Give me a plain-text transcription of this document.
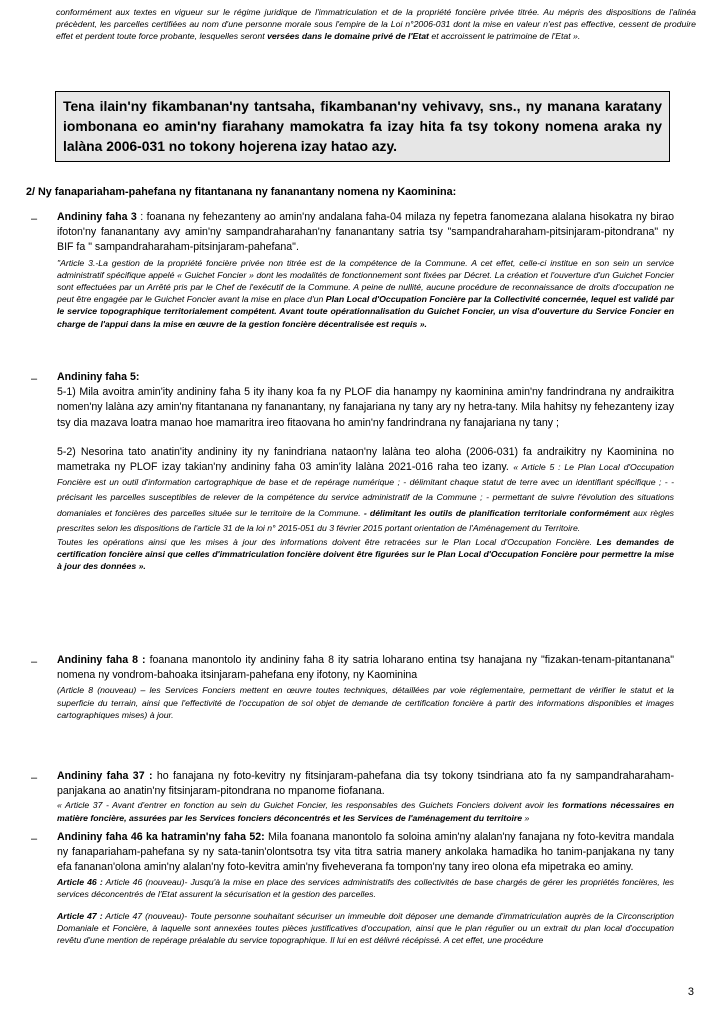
conformément aux textes en vigueur sur le régime juridique de l'immatriculation et de la propriété foncière privée titrée. Au mépris des dispositions de l'alinéa précèdent, les parcelles certifiées au nom d'une personne morale sous l'empire de la Loi n°2006-031 dont la mise en valeur n'est pas effective, cessent de produire effet et perdent toute force probante, lesquelles seront versées dans le domaine privé de l'Etat et accroissent le patrimoine de l'Etat ».
Tena ilain'ny fikambanan'ny tantsaha, fikambanan'ny vehivavy, sns., ny manana karatany iombonana eo amin'ny fiarahany mamokatra fa izay hita fa tsy tokony nomena araka ny lalàna 2006-031 no tokony hojerena izay hatao azy.
2/ Ny fanapariaham-pahefana ny fitantanana ny fananantany nomena ny Kaominina:
– Andininy faha 3 : foanana ny fehezanteny ao amin'ny andalana faha-04 milaza ny fepetra fanomezana alalana hisokatra ny birao ifoton'ny fananantany avy amin'ny sampandraharahan'ny fananantany satria tsy "sampandraharaham-pitsinjaram-pitondrana" ny BIF fa " sampandraharaham-pitsinjaram-pahefana".
"Article 3.-La gestion de la propriété foncière privée non titrée est de la compétence de la Commune. A cet effet, celle-ci institue en son sein un service administratif spécifique appelé « Guichet Foncier » dont les modalités de fonctionnement sont fixées par Décret. La création et l'ouverture d'un Guichet Foncier sont effectuées par un Arrêté pris par le Chef de l'exécutif de la Commune. A peine de nullité, aucune procédure de reconnaissance de droits d'occupation ne peut être engagée par le Guichet Foncier avant la mise en place d'un Plan Local d'Occupation Foncière par la Collectivité concernée, lequel est validé par le service topographique territorialement compétent. Avant toute opérationnalisation du Guichet Foncier, un visa d'ouverture du Service Foncier en charge de l'appui dans la mise en œuvre de la gestion foncière décentralisée est requis ».
– Andininy faha 5:
5-1) Mila avoitra amin'ity andininy faha 5 ity ihany koa fa ny PLOF dia hanampy ny kaominina amin'ny fandrindrana ny andraikitra nomen'ny lalàna azy amin'ny fitantanana ny fananantany, ny fanajariana ny tany ary ny hetra-tany. Mila hahitsy ny fehezanteny izay tsy dia mazava loatra manao hoe mamaritra ireo fitaovana ho amin'ny fandrindrana ny fanajariana ny tany ;
5-2) Nesorina tato anatin'ity andininy ity ny fanindriana nataon'ny lalàna teo aloha (2006-031) fa andraikitry ny Kaominina no mametraka ny PLOF izay takian'ny andininy faha 03 amin'ity lalàna 2021-016 raha teo izany. « Article 5 : Le Plan Local d'Occupation Foncière est un outil d'information cartographique de base et de repérage numérique ; - délimitant chaque statut de terre avec un identifiant spécifique ; - - précisant les parcelles susceptibles de relever de la compétence du service administratif de la Commune ; - permettant de suivre l'évolution des situations domaniales et foncières des parcelles située sur le territoire de la Commune. - délimitant les outils de planification territoriale conformément aux règles prescrites selon les dispositions de l'article 31 de la loi n° 2015-051 du 3 février 2015 portant orientation de l'Aménagement du Territoire.
Toutes les opérations ainsi que les mises à jour des informations doivent être retracées sur le Plan Local d'Occupation Foncière. Les demandes de certification foncière ainsi que celles d'immatriculation foncière doivent être figurées sur le Plan Local d'Occupation Foncière pour permettre la mise à jour des données ».
– Andininy faha 8 : foanana manontolo ity andininy faha 8 ity satria loharano entina tsy hanajana ny "fizakan-tenam-pitantanana" nomena ny vondrom-bahoaka itsinjaram-pahefana eny ifotony, ny Kaominina
(Article 8 (nouveau) – les Services Fonciers mettent en œuvre toutes techniques, détaillées par voie réglementaire, permettant de vérifier le statut et la superficie du terrain, ainsi que l'effectivité de l'occupation de sol objet de demande de certification foncière à partir des informations disponibles et images cartographiques mises) à jour.
– Andininy faha 37 : ho fanajana ny foto-kevitry ny fitsinjaram-pahefana dia tsy tokony tsindriana ato fa ny sampandraharaham-panjakana ao anatin'ny fitsinjaram-pitondrana no mpanome fiofanana.
« Article 37 - Avant d'entrer en fonction au sein du Guichet Foncier, les responsables des Guichets Fonciers doivent avoir les formations nécessaires en matière foncière, assurées par les Services fonciers déconcentrés et les Services de l'aménagement du territoire »
– Andininy faha 46 ka hatramin'ny faha 52: Mila foanana manontolo fa soloina amin'ny alalan'ny fanajana ny foto-kevitra mandala ny fanapariaham-pahefana sy ny sata-tanin'olontsotra tsy vita titra satria manery ankolaka hamadika ho tanim-panjakana ny tany efa fananan'olona amin'ny alalan'ny foto-kevitra amin'ny fiveheverana fa tompon'ny tany ireo olona efa mipetraka eo aminy.
Article 46 : Article 46 (nouveau)- Jusqu'à la mise en place des services administratifs des collectivités de base chargés de gérer les propriétés foncières, les services déconcentrés de l'Etat assurent la sécurisation et la gestion des parcelles.
Article 47 : Article 47 (nouveau)- Toute personne souhaitant sécuriser un immeuble doit déposer une demande d'immatriculation auprès de la Circonscription Domaniale et Foncière, à laquelle sont annexées toutes pièces justificatives d'occupation, ainsi que le plan régulier ou un extrait du plan local d'occupation revêtu d'une mention de repérage préalable du service topographique. Il lui en est délivré récépissé. A cet effet, une procédure
3
